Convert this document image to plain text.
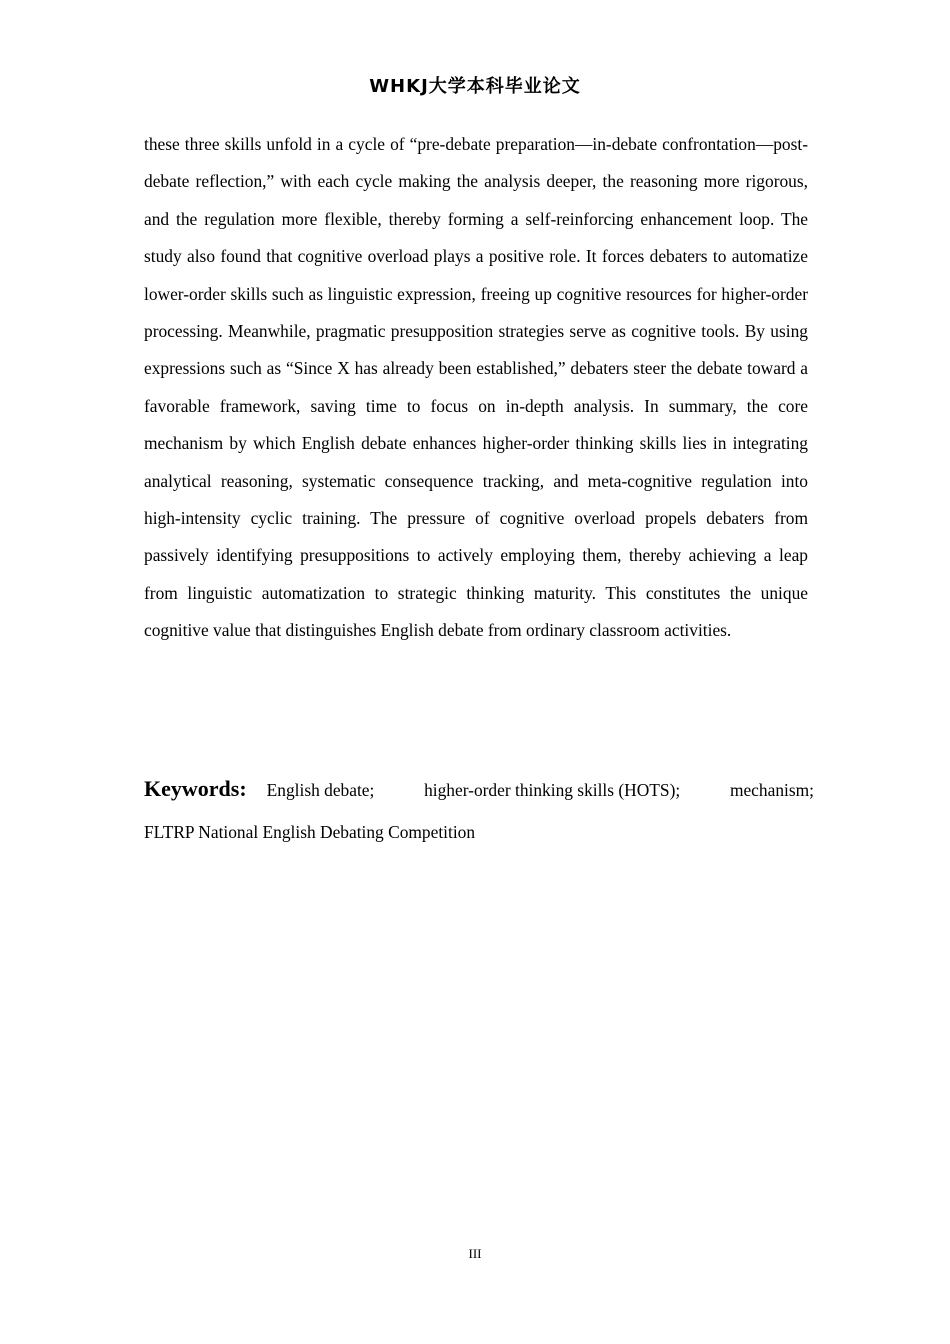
WHKJ大学本科毕业论文

these three skills unfold in a cycle of “pre-debate preparation—in-debate confrontation—post-debate reflection,” with each cycle making the analysis deeper, the reasoning more rigorous, and the regulation more flexible, thereby forming a self-reinforcing enhancement loop. The study also found that cognitive overload plays a positive role. It forces debaters to automatize lower-order skills such as linguistic expression, freeing up cognitive resources for higher-order processing. Meanwhile, pragmatic presupposition strategies serve as cognitive tools. By using expressions such as “Since X has already been established,” debaters steer the debate toward a favorable framework, saving time to focus on in-depth analysis. In summary, the core mechanism by which English debate enhances higher-order thinking skills lies in integrating analytical reasoning, systematic consequence tracking, and meta-cognitive regulation into high-intensity cyclic training. The pressure of cognitive overload propels debaters from passively identifying presuppositions to actively employing them, thereby achieving a leap from linguistic automatization to strategic thinking maturity. This constitutes the unique cognitive value that distinguishes English debate from ordinary classroom activities.

Keywords: English debate;	higher-order thinking skills (HOTS);	mechanism;
FLTRP National English Debating Competition
III
